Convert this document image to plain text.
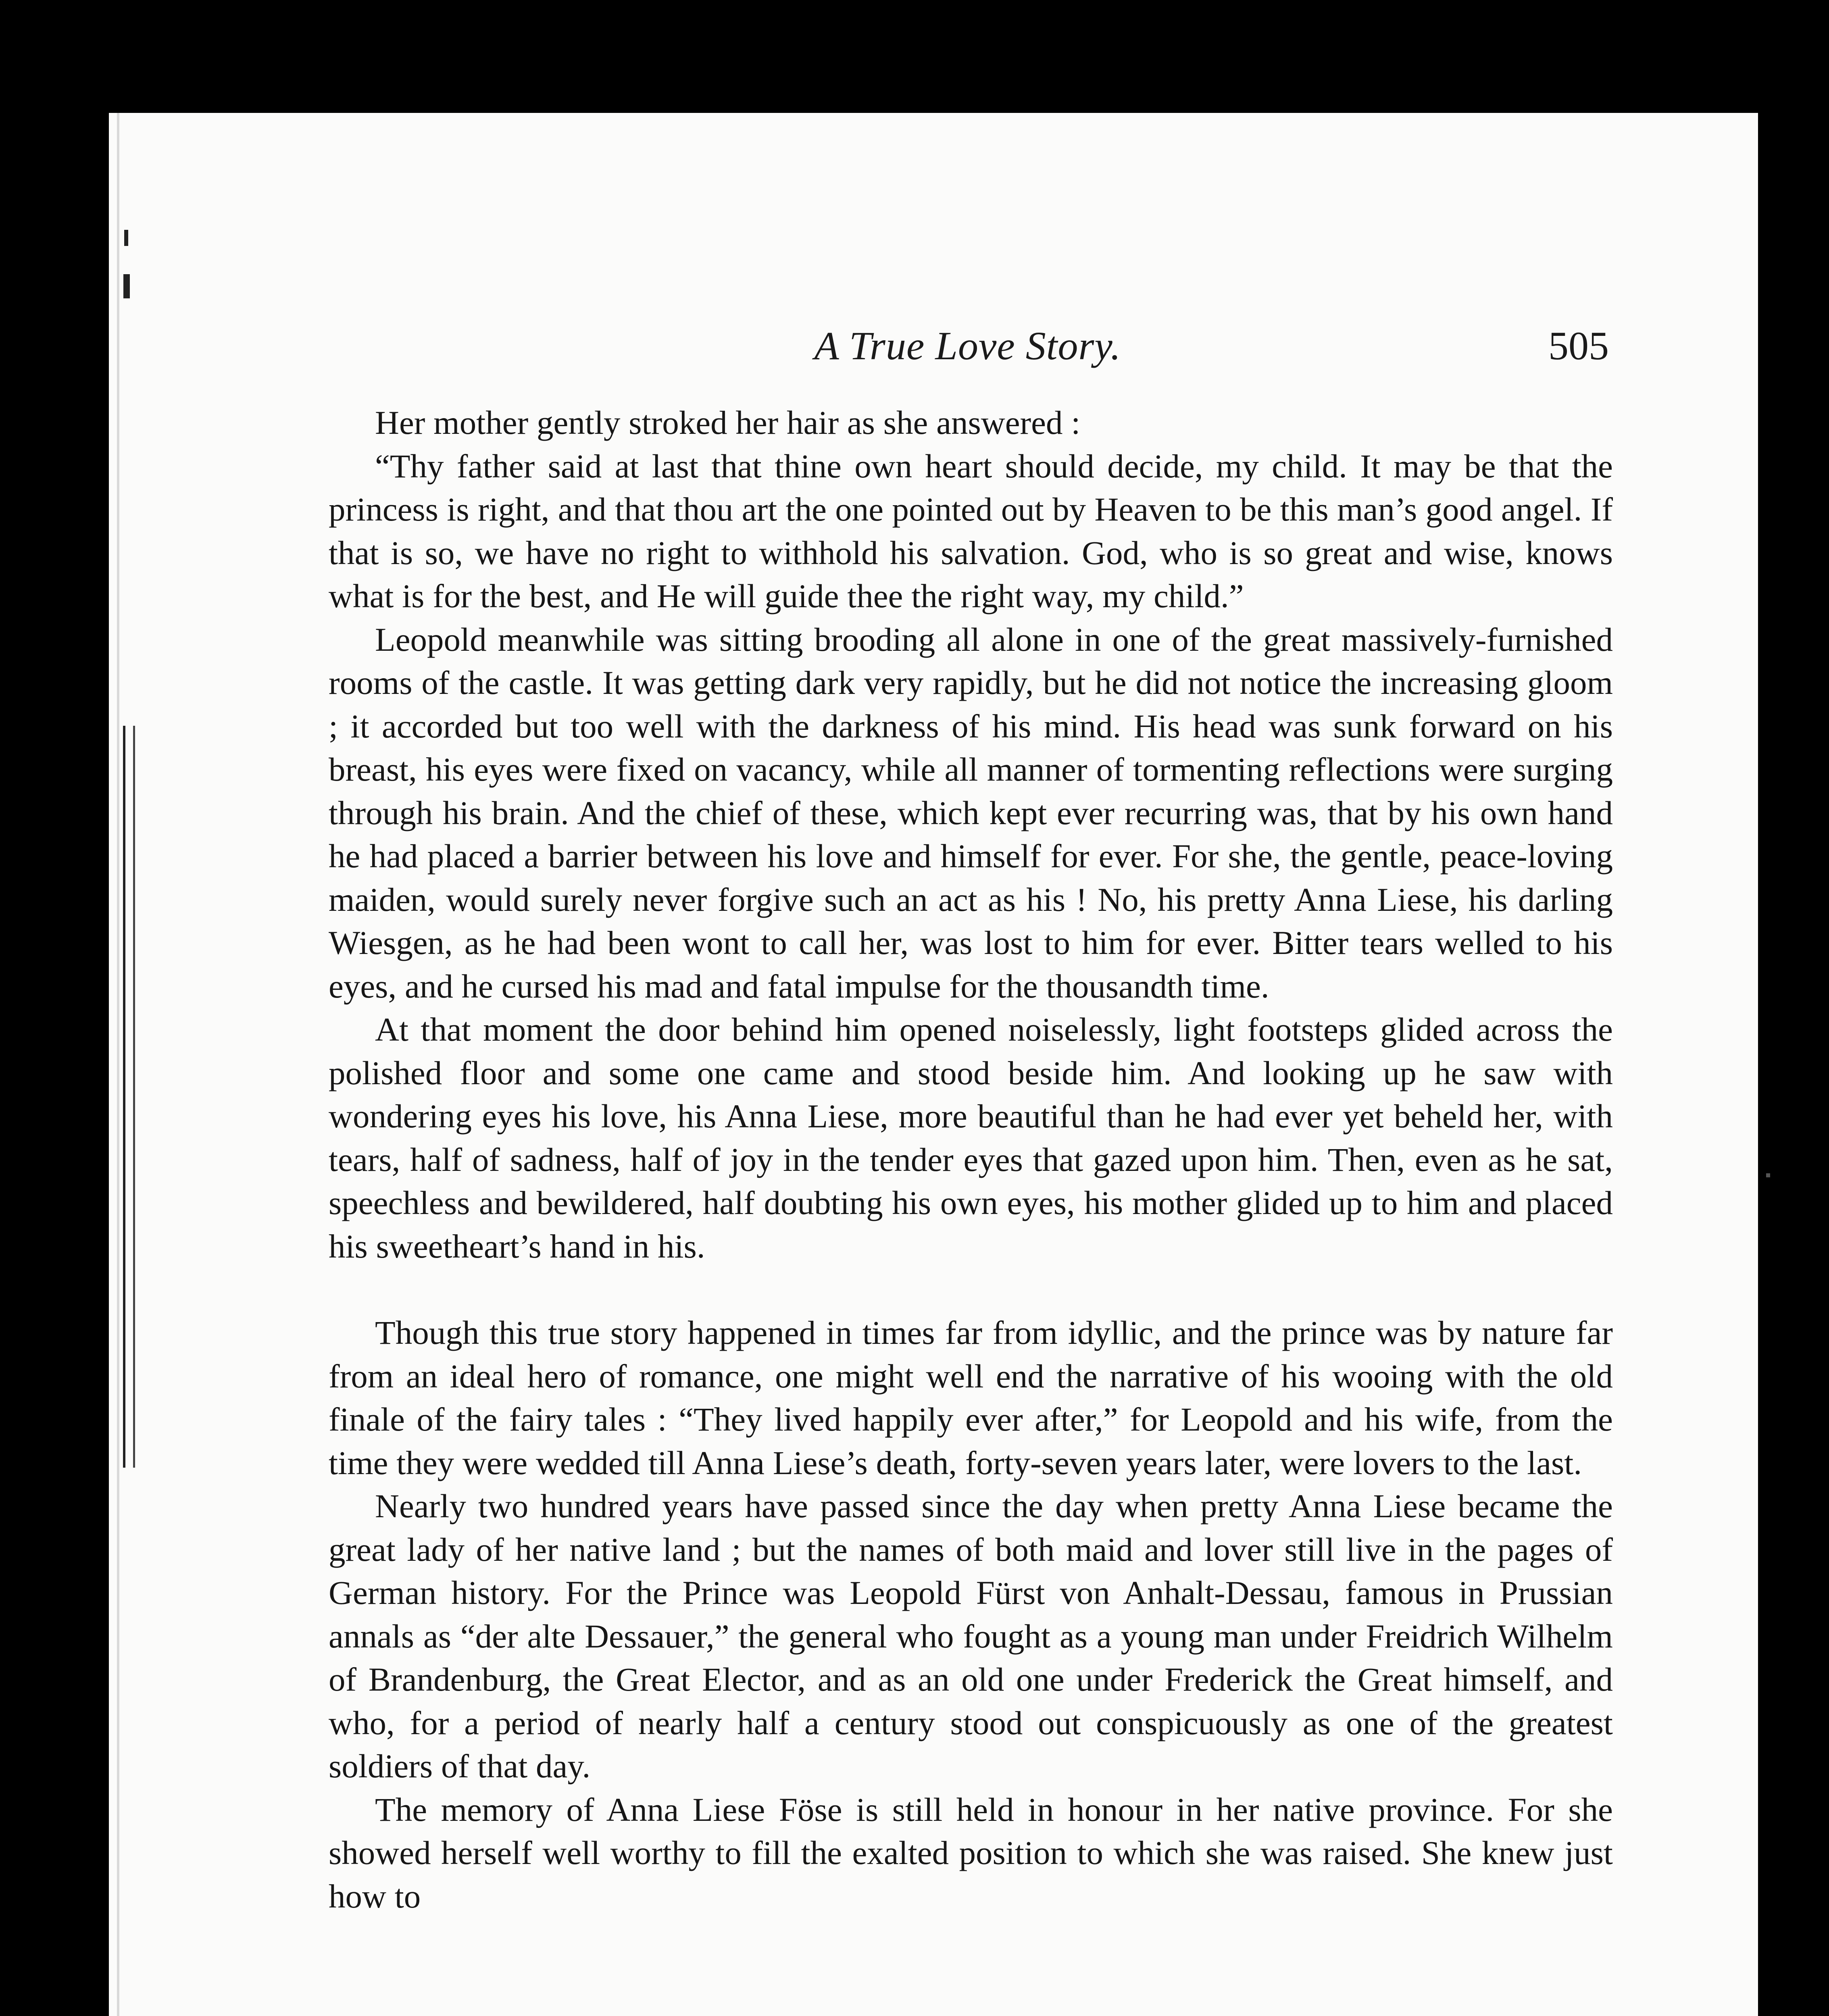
A True Love Story.	505

Her mother gently stroked her hair as she answered :

“Thy father said at last that thine own heart should decide, my child. It may be that the princess is right, and that thou art the one pointed out by Heaven to be this man’s good angel. If that is so, we have no right to withhold his salvation. God, who is so great and wise, knows what is for the best, and He will guide thee the right way, my child.”

Leopold meanwhile was sitting brooding all alone in one of the great massively-furnished rooms of the castle. It was getting dark very rapidly, but he did not notice the increasing gloom ; it accorded but too well with the darkness of his mind. His head was sunk forward on his breast, his eyes were fixed on vacancy, while all manner of tormenting reflections were surging through his brain. And the chief of these, which kept ever recurring was, that by his own hand he had placed a barrier between his love and himself for ever. For she, the gentle, peace-loving maiden, would surely never forgive such an act as his ! No, his pretty Anna Liese, his darling Wiesgen, as he had been wont to call her, was lost to him for ever. Bitter tears welled to his eyes, and he cursed his mad and fatal impulse for the thousandth time.

At that moment the door behind him opened noiselessly, light footsteps glided across the polished floor and some one came and stood beside him. And looking up he saw with wondering eyes his love, his Anna Liese, more beautiful than he had ever yet beheld her, with tears, half of sadness, half of joy in the tender eyes that gazed upon him. Then, even as he sat, speechless and bewildered, half doubting his own eyes, his mother glided up to him and placed his sweetheart’s hand in his.

Though this true story happened in times far from idyllic, and the prince was by nature far from an ideal hero of romance, one might well end the narrative of his wooing with the old finale of the fairy tales : “They lived happily ever after,” for Leopold and his wife, from the time they were wedded till Anna Liese’s death, forty-seven years later, were lovers to the last.

Nearly two hundred years have passed since the day when pretty Anna Liese became the great lady of her native land ; but the names of both maid and lover still live in the pages of German history. For the Prince was Leopold Fürst von Anhalt-Dessau, famous in Prussian annals as “der alte Dessauer,” the general who fought as a young man under Freidrich Wilhelm of Brandenburg, the Great Elector, and as an old one under Frederick the Great himself, and who, for a period of nearly half a century stood out conspicuously as one of the greatest soldiers of that day.

The memory of Anna Liese Föse is still held in honour in her native province. For she showed herself well worthy to fill the exalted position to which she was raised. She knew just how to
